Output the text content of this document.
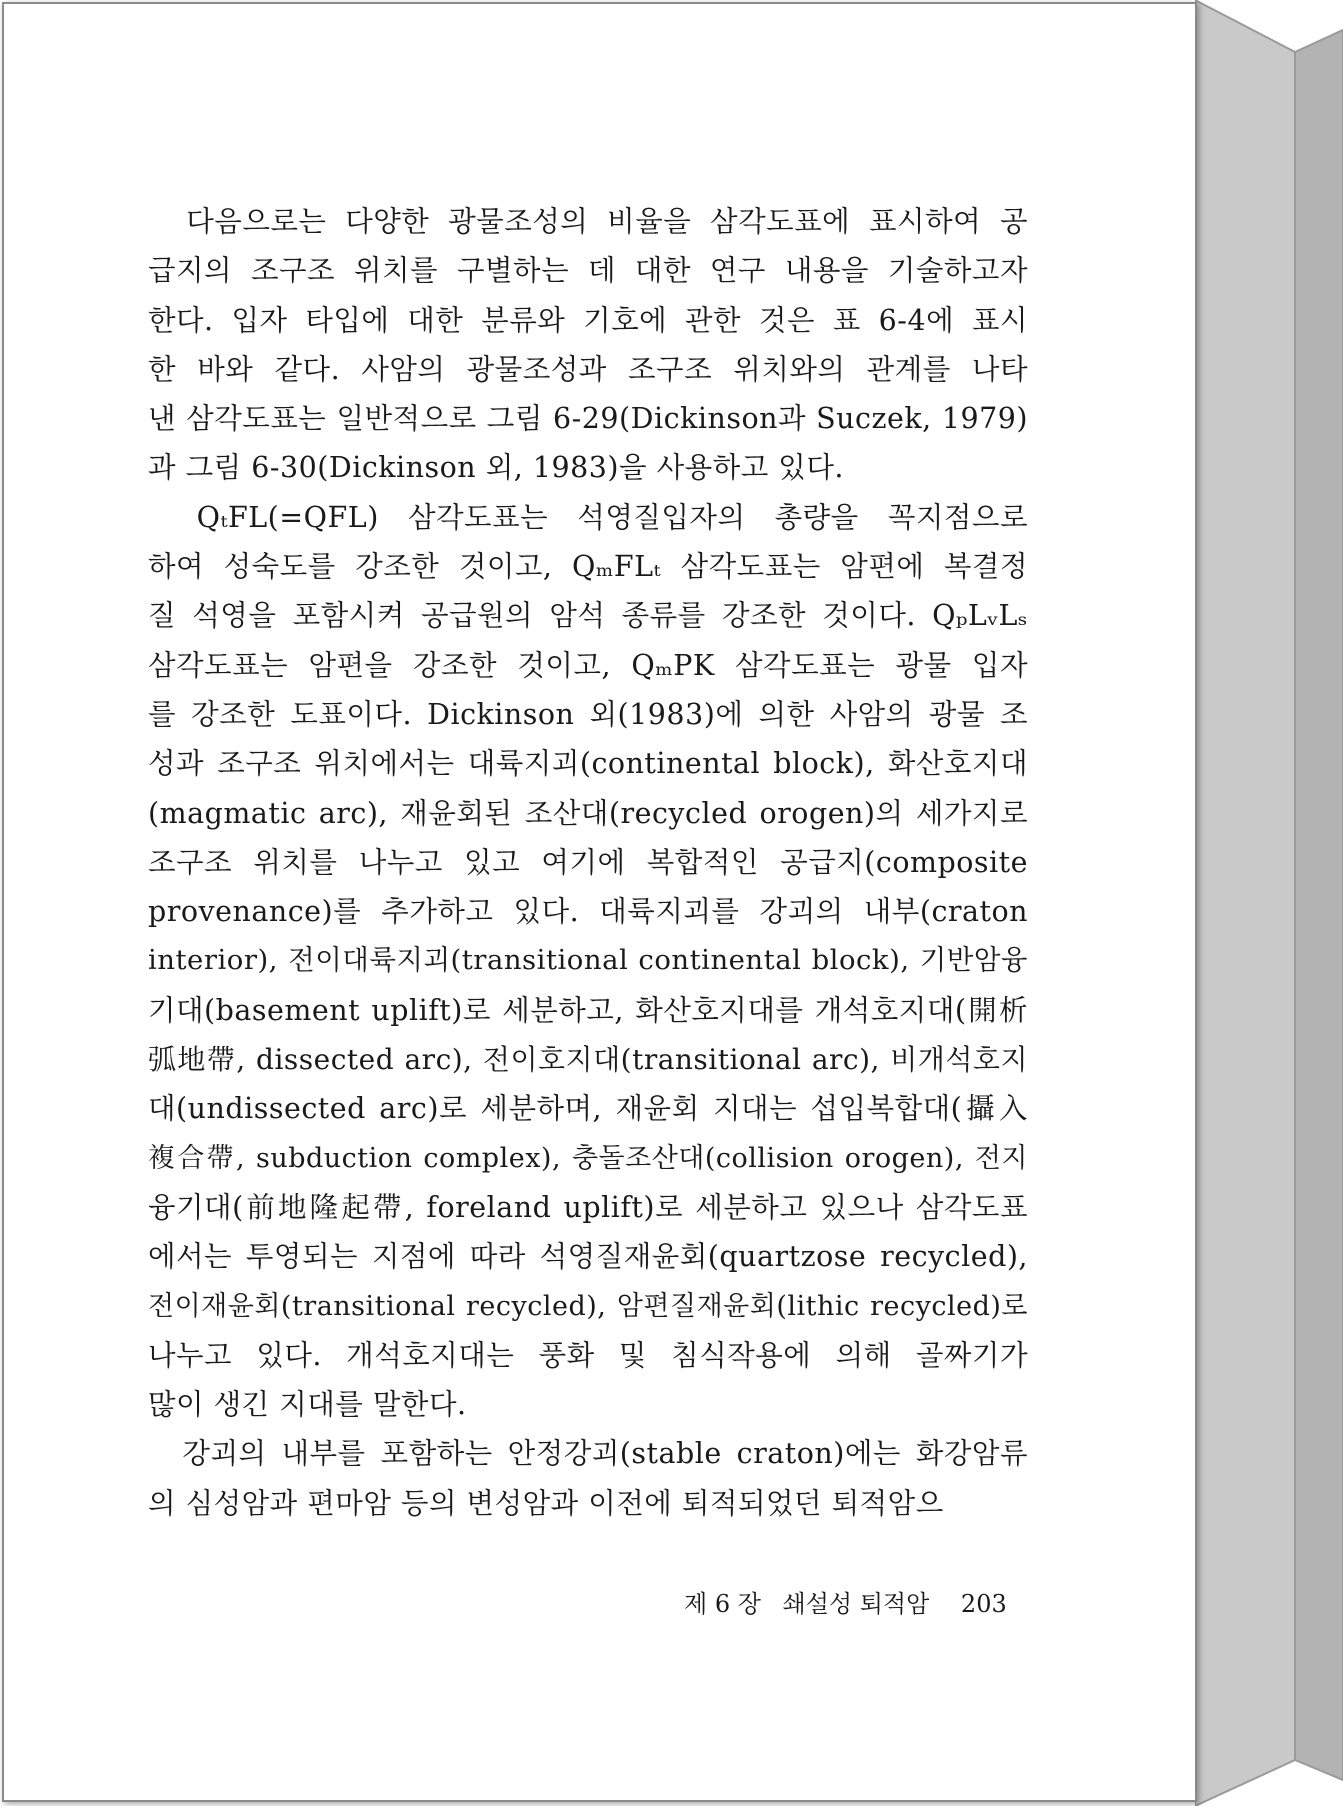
　다음으로는 다양한 광물조성의 비율을 삼각도표에 표시하여 공
급지의 조구조 위치를 구별하는 데 대한 연구 내용을 기술하고자
한다. 입자 타입에 대한 분류와 기호에 관한 것은 표 6-4에 표시
한 바와 같다. 사암의 광물조성과 조구조 위치와의 관계를 나타
낸 삼각도표는 일반적으로 그림 6-29(Dickinson과 Suczek, 1979)
과 그림 6-30(Dickinson 외, 1983)을 사용하고 있다.
　QₜFL(=QFL) 삼각도표는 석영질입자의 총량을 꼭지점으로
하여 성숙도를 강조한 것이고, QₘFLₜ 삼각도표는 암편에 복결정
질 석영을 포함시켜 공급원의 암석 종류를 강조한 것이다. QₚLᵥLₛ
삼각도표는 암편을 강조한 것이고, QₘPK 삼각도표는 광물 입자
를 강조한 도표이다. Dickinson 외(1983)에 의한 사암의 광물 조
성과 조구조 위치에서는 대륙지괴(continental block), 화산호지대
(magmatic arc), 재윤회된 조산대(recycled orogen)의 세가지로
조구조 위치를 나누고 있고 여기에 복합적인 공급지(composite
provenance)를 추가하고 있다. 대륙지괴를 강괴의 내부(craton
interior), 전이대륙지괴(transitional continental block), 기반암융
기대(basement uplift)로 세분하고, 화산호지대를 개석호지대(開析
弧地帶, dissected arc), 전이호지대(transitional arc), 비개석호지
대(undissected arc)로 세분하며, 재윤회 지대는 섭입복합대(攝入
複合帶, subduction complex), 충돌조산대(collision orogen), 전지
융기대(前地隆起帶, foreland uplift)로 세분하고 있으나 삼각도표
에서는 투영되는 지점에 따라 석영질재윤회(quartzose recycled),
전이재윤회(transitional recycled), 암편질재윤회(lithic recycled)로
나누고 있다. 개석호지대는 풍화 및 침식작용에 의해 골짜기가
많이 생긴 지대를 말한다.
　강괴의 내부를 포함하는 안정강괴(stable craton)에는 화강암류
의 심성암과 편마암 등의 변성암과 이전에 퇴적되었던 퇴적암으
제 6 장 쇄설성 퇴적암 203
